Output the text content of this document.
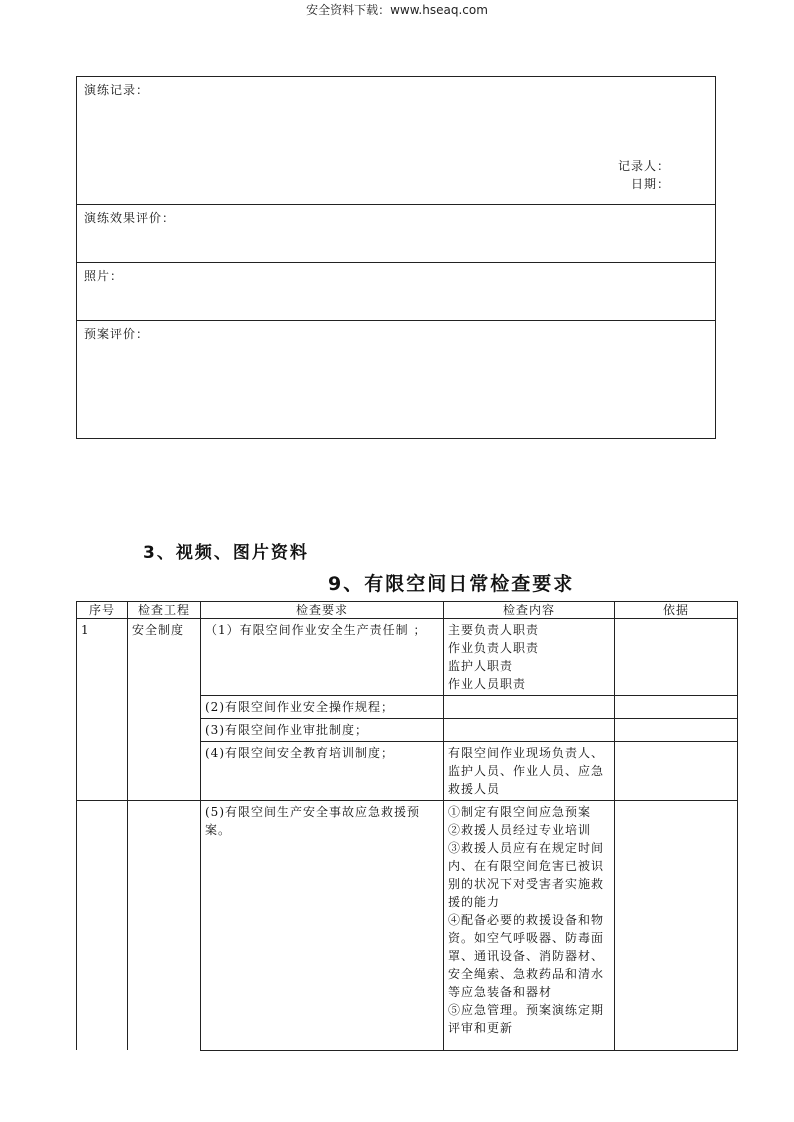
安全资料下载：www.hseaq.com
演练记录：
记录人：
日期：
演练效果评价：
照片：
预案评价：
3、视频、图片资料
9、有限空间日常检查要求
序号	检查工程	检查要求	检查内容	依据
1	安全制度	（1）有限空间作业安全生产责任制 ；	主要负责人职责
作业负责人职责
监护人职责
作业人员职责	

		(2)有限空间作业安全操作规程；		
		(3)有限空间作业审批制度；		
		(4)有限空间安全教育培训制度；	有限空间作业现场负责人、监护人员、作业人员、应急救援人员	
		(5)有限空间生产安全事故应急救援预案。	①制定有限空间应急预案
②救援人员经过专业培训
③救援人员应有在规定时间内、在有限空间危害已被识别的状况下对受害者实施救援的能力
④配备必要的救援设备和物资。如空气呼吸器、防毒面罩、通讯设备、消防器材、安全绳索、急救药品和清水等应急装备和器材
⑤应急管理。预案演练定期评审和更新	
